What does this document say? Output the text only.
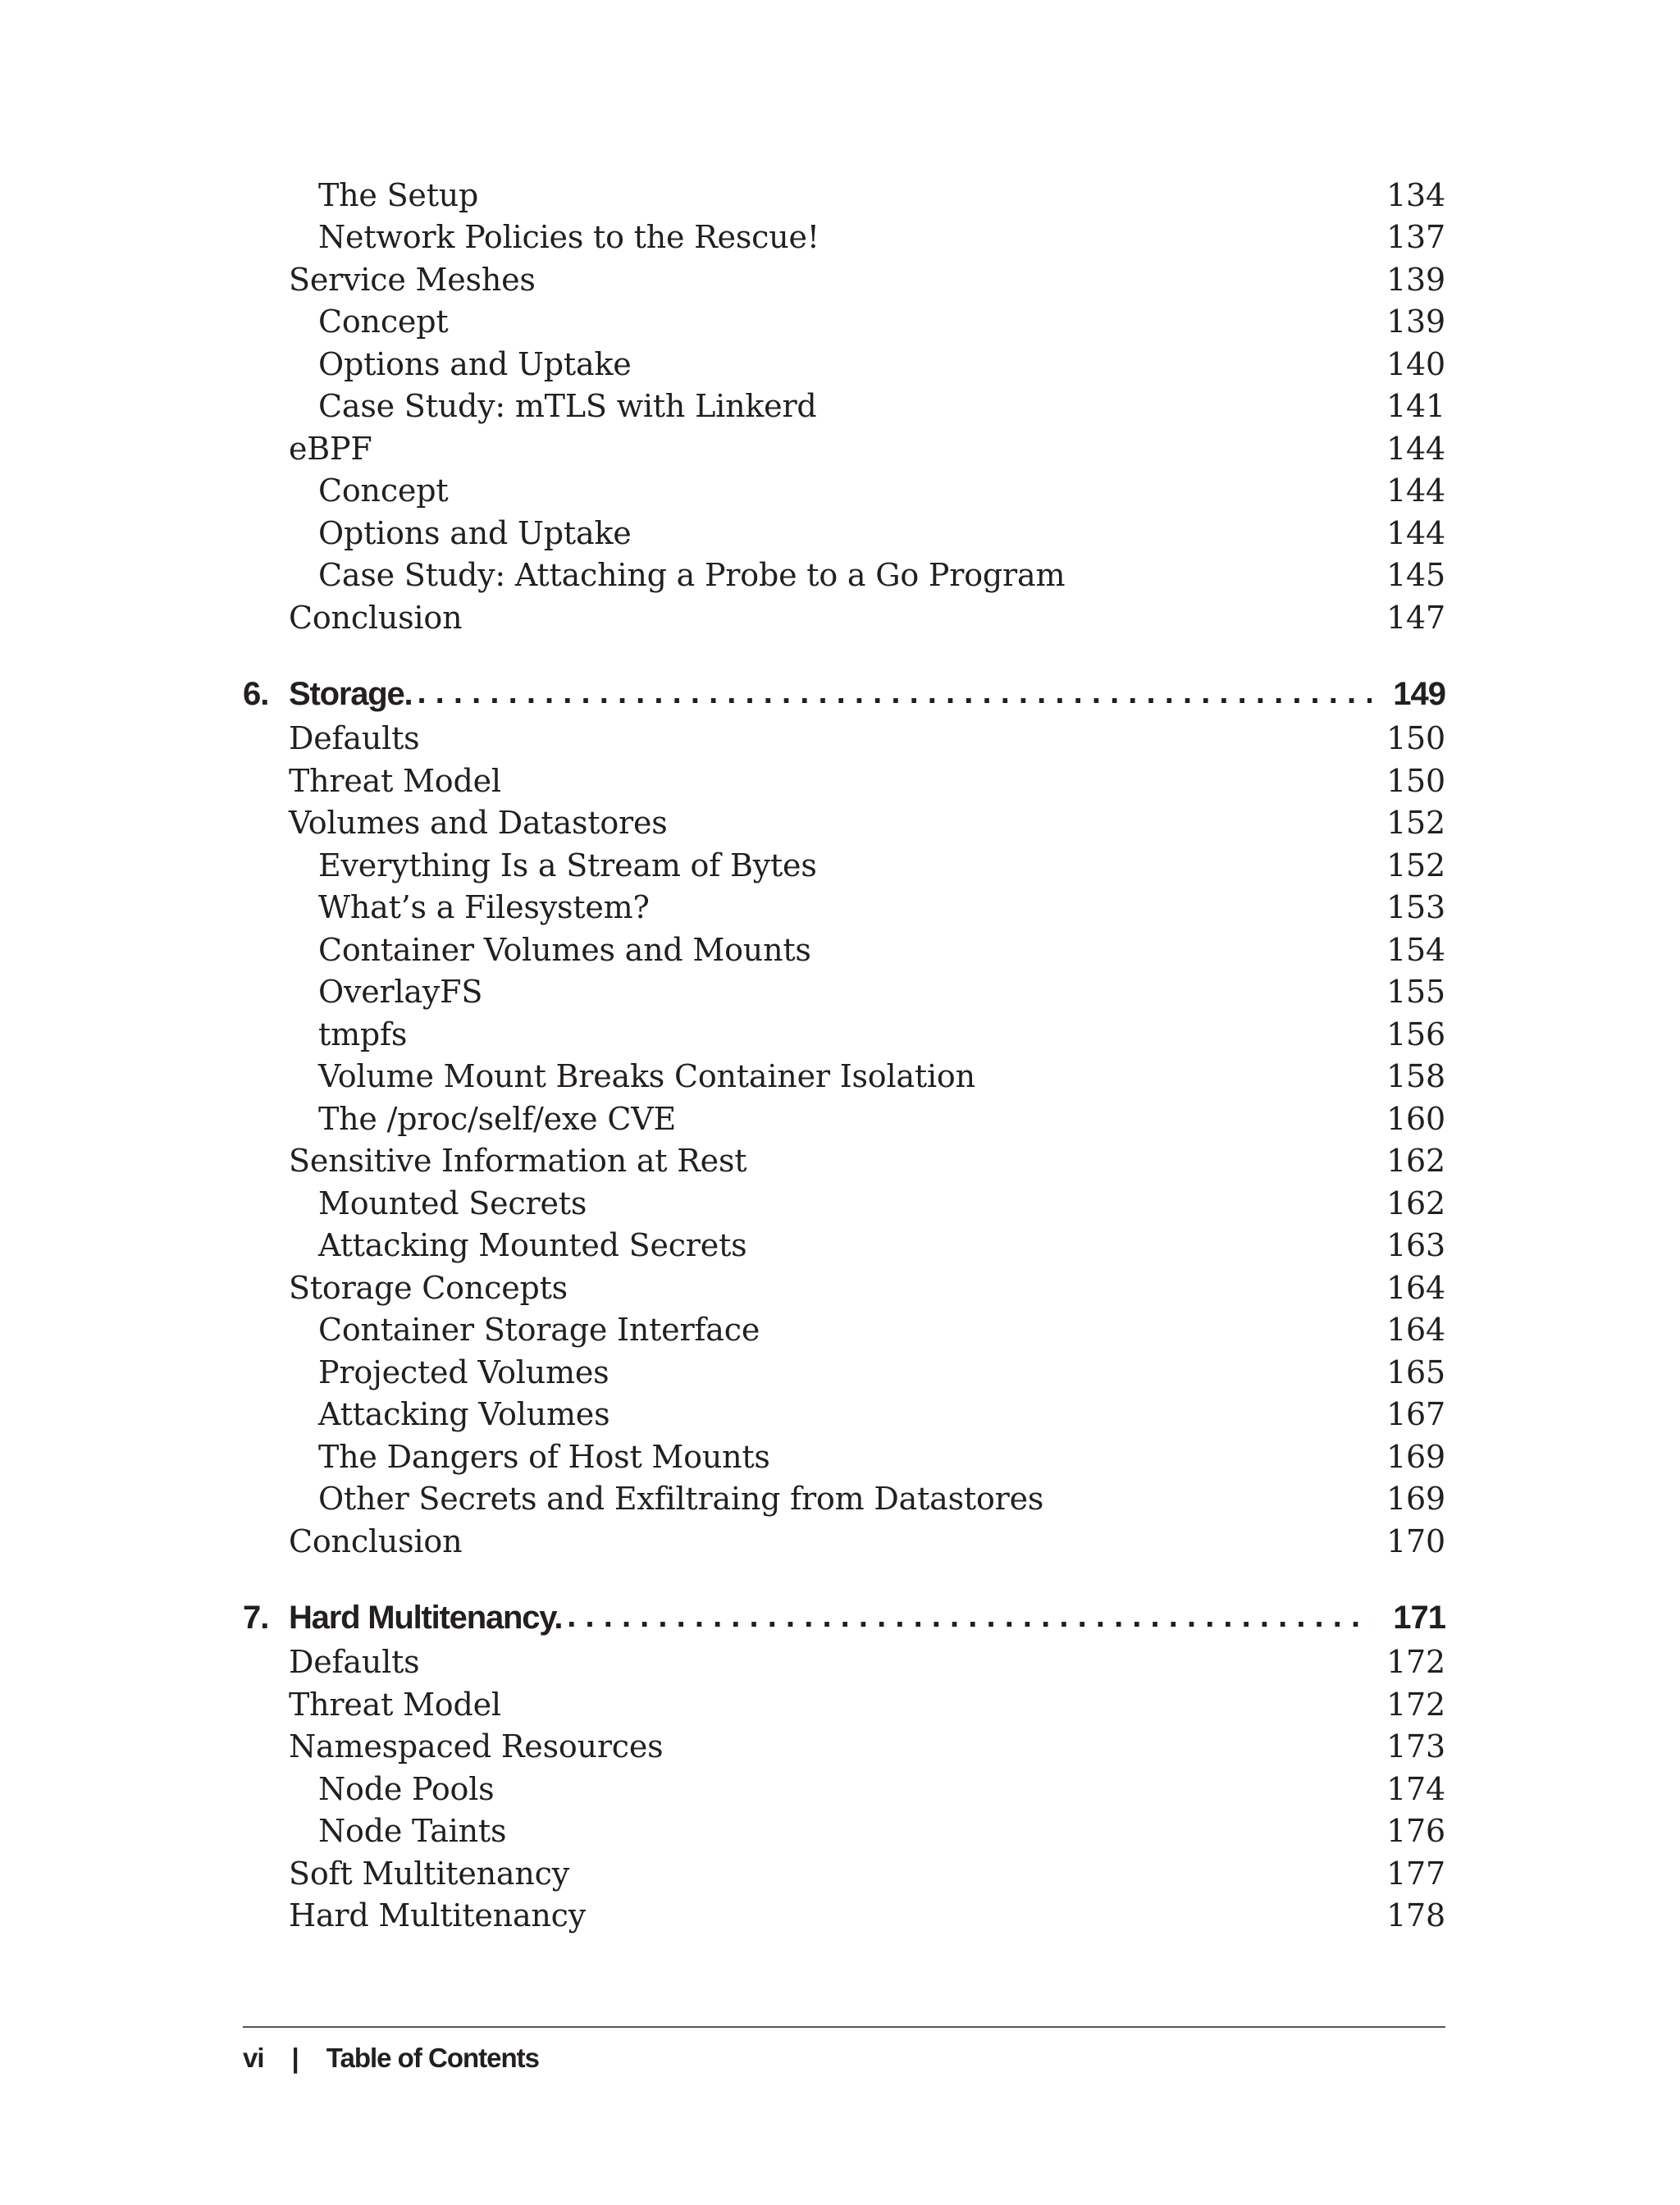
The Setup	134
Network Policies to the Rescue!	137
Service Meshes	139
Concept	139
Options and Uptake	140
Case Study: mTLS with Linkerd	141
eBPF	144
Concept	144
Options and Uptake	144
Case Study: Attaching a Probe to a Go Program	145
Conclusion	147
6. Storage. . . .	149
Defaults	150
Threat Model	150
Volumes and Datastores	152
Everything Is a Stream of Bytes	152
What’s a Filesystem?	153
Container Volumes and Mounts	154
OverlayFS	155
tmpfs	156
Volume Mount Breaks Container Isolation	158
The /proc/self/exe CVE	160
Sensitive Information at Rest	162
Mounted Secrets	162
Attacking Mounted Secrets	163
Storage Concepts	164
Container Storage Interface	164
Projected Volumes	165
Attacking Volumes	167
The Dangers of Host Mounts	169
Other Secrets and Exfiltraing from Datastores	169
Conclusion	170
7. Hard Multitenancy. . . .	171
Defaults	172
Threat Model	172
Namespaced Resources	173
Node Pools	174
Node Taints	176
Soft Multitenancy	177
Hard Multitenancy	178
vi | Table of Contents
